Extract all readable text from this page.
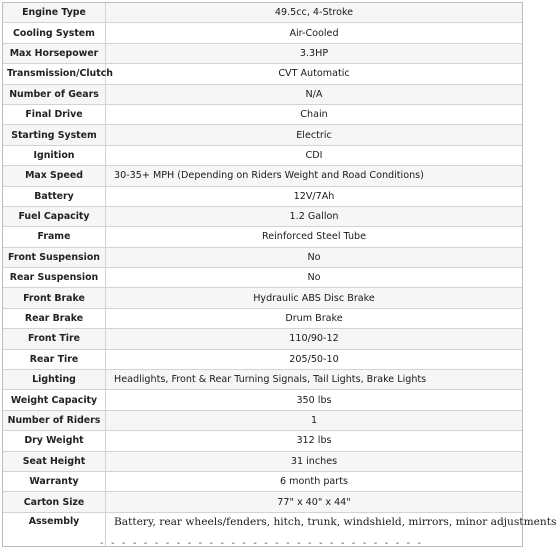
Engine Type	49.5cc, 4-Stroke
Cooling System	Air-Cooled
Max Horsepower	3.3HP
Transmission/Clutch	CVT Automatic
Number of Gears	N/A
Final Drive	Chain
Starting System	Electric
Ignition	CDI
Max Speed	30-35+ MPH (Depending on Riders Weight and Road Conditions)
Battery	12V/7Ah
Fuel Capacity	1.2 Gallon
Frame	Reinforced Steel Tube
Front Suspension	No
Rear Suspension	No
Front Brake	Hydraulic ABS Disc Brake
Rear Brake	Drum Brake
Front Tire	110/90-12
Rear Tire	205/50-10
Lighting	Headlights, Front & Rear Turning Signals, Tail Lights, Brake Lights
Weight Capacity	350 lbs
Number of Riders	1
Dry Weight	312 lbs
Seat Height	31 inches
Warranty	6 month parts
Carton Size	77" x 40" x 44"
Assembly	Battery, rear wheels/fenders, hitch, trunk, windshield, mirrors, minor adjustments
- - - - - - - - - - - - - - - - - - - - - - - - - - - - - -
